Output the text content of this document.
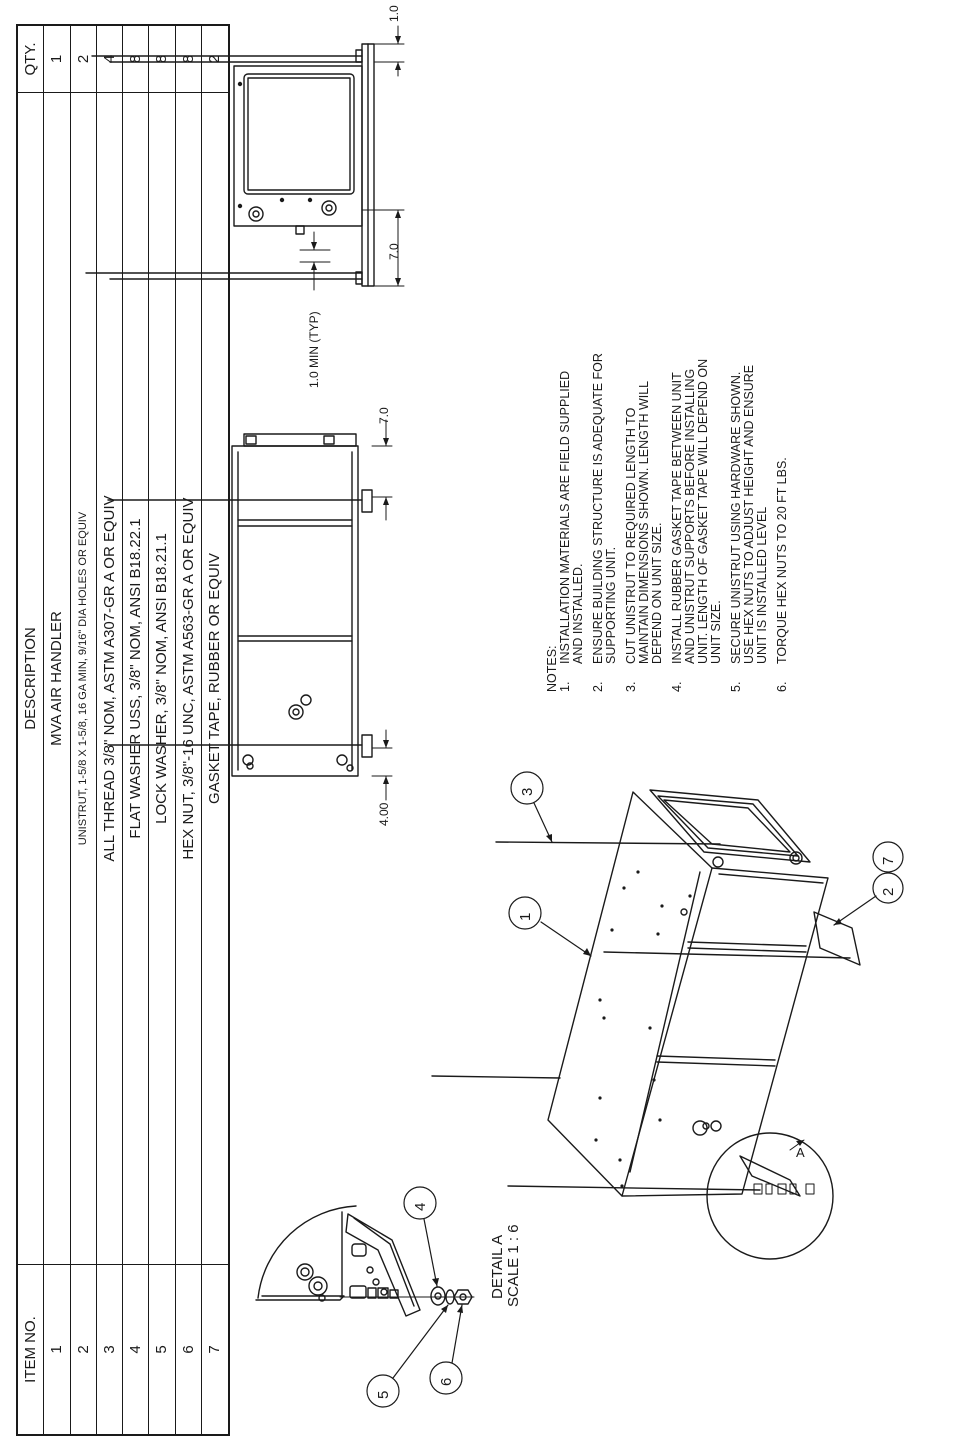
ITEM NO.
DESCRIPTION
QTY.
1
MVA AIR HANDLER
1
2
UNISTRUT, 1-5/8 X 1-5/8, 16 GA MIN, 9/16" DIA HOLES OR EQUIV
2
3
ALL THREAD 3/8" NOM, ASTM A307-GR A OR EQUIV
4
4
FLAT WASHER USS, 3/8" NOM, ANSI B18.22.1
8
5
LOCK WASHER, 3/8" NOM, ANSI B18.21.1
8
6
HEX NUT, 3/8"-16 UNC, ASTM A563-GR A OR EQUIV
8
7
GASKET TAPE, RUBBER OR EQUIV
2
1.0
7.0
1.0 MIN (TYP)
7.0
4.00
DETAIL A SCALE 1 : 6
A
3
1
2
7
4
5
6
NOTES: 1.
INSTALLATION MATERIALS ARE FIELD SUPPLIED AND INSTALLED.
2.
ENSURE BUILDING STRUCTURE IS ADEQUATE FOR SUPPORTING UNIT.
3.
CUT UNISTRUT TO REQUIRED LENGTH TO MAINTAIN DIMENSIONS SHOWN. LENGTH WILL DEPEND ON UNIT SIZE.
4.
INSTALL RUBBER GASKET TAPE BETWEEN UNIT AND UNISTRUT SUPPORTS BEFORE INSTALLING UNIT. LENGTH OF GASKET TAPE WILL DEPEND ON UNIT SIZE.
5.
SECURE UNISTRUT USING HARDWARE SHOWN. USE HEX NUTS TO ADJUST HEIGHT AND ENSURE UNIT IS INSTALLED LEVEL
6.
TORQUE HEX NUTS TO 20 FT LBS.
